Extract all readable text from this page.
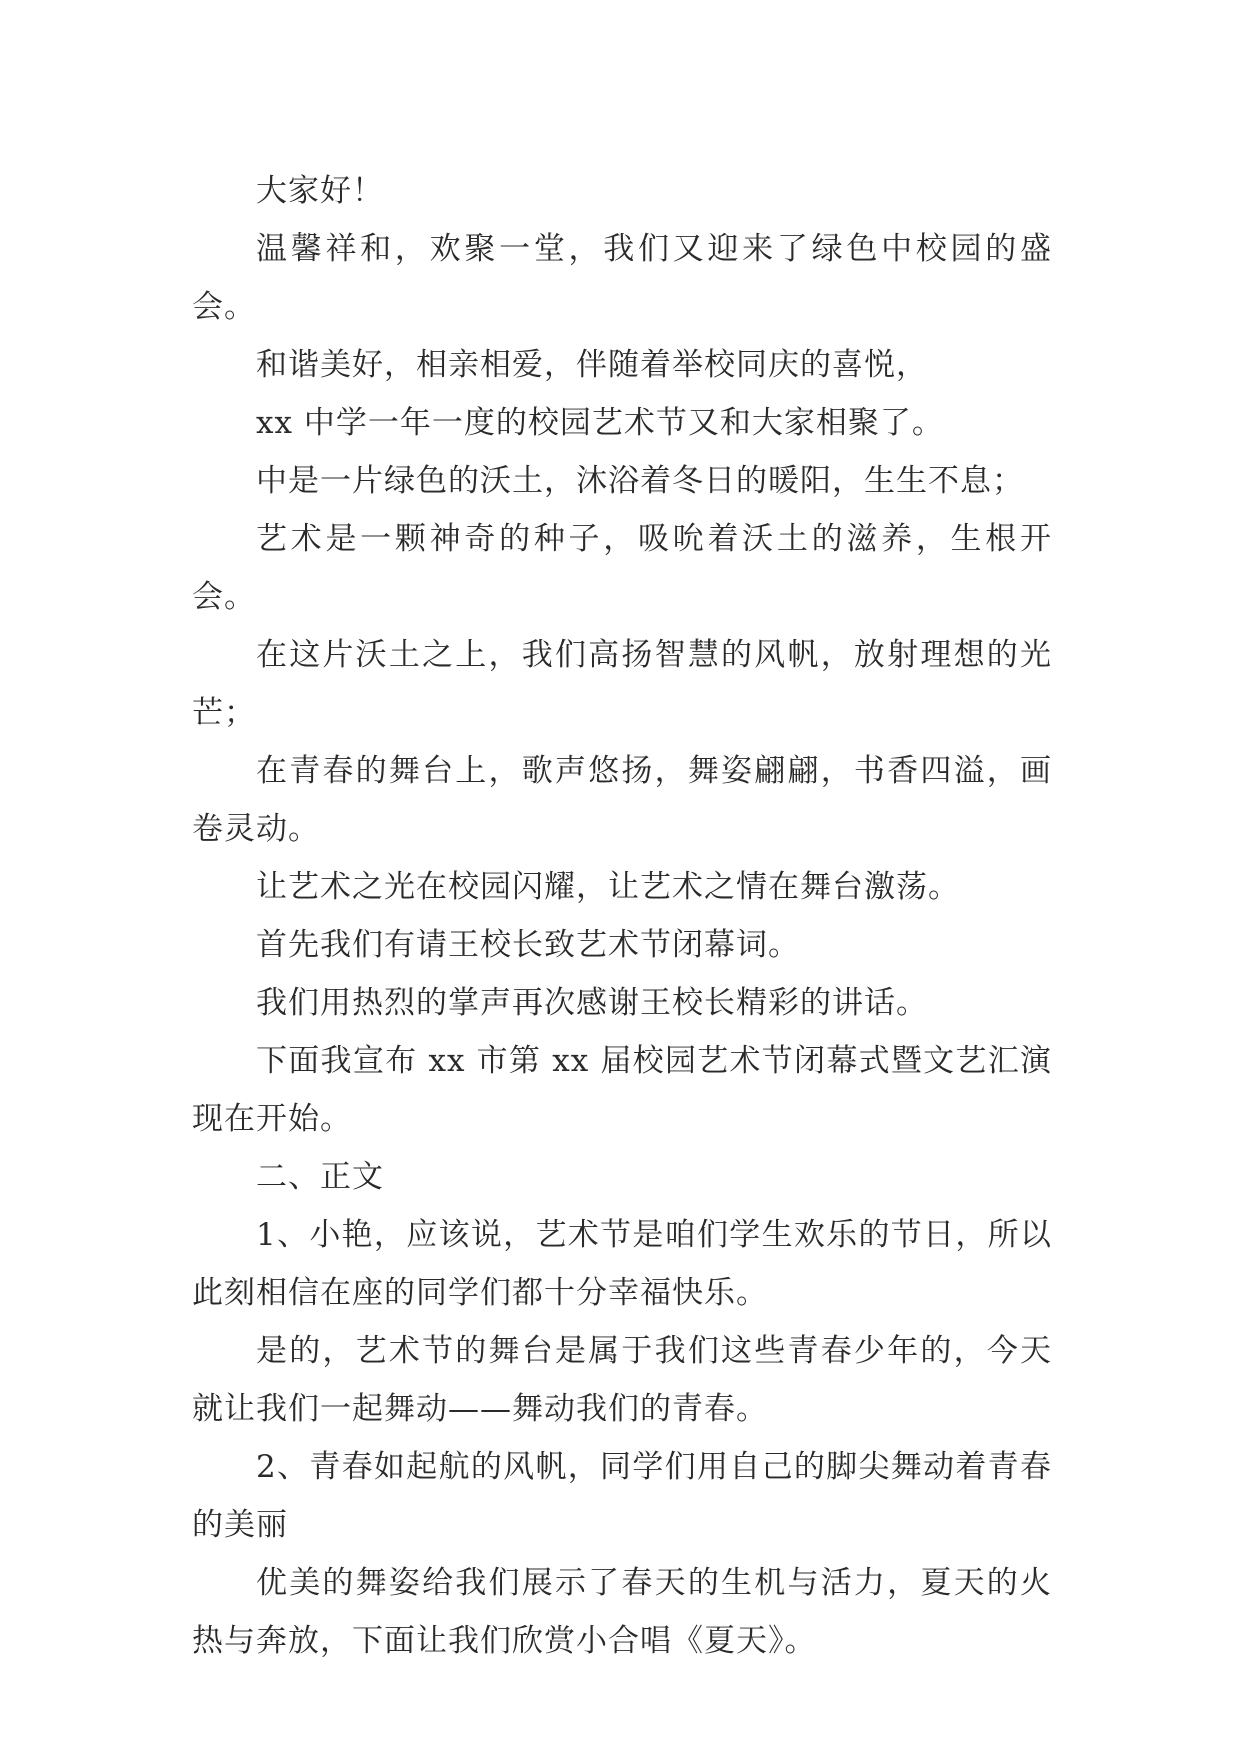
大家好！

温馨祥和，欢聚一堂，我们又迎来了绿色中校园的盛会。

和谐美好，相亲相爱，伴随着举校同庆的喜悦，

xx 中学一年一度的校园艺术节又和大家相聚了。

中是一片绿色的沃土，沐浴着冬日的暖阳，生生不息；

艺术是一颗神奇的种子，吸吮着沃土的滋养，生根开会。

在这片沃土之上，我们高扬智慧的风帆，放射理想的光芒；

在青春的舞台上，歌声悠扬，舞姿翩翩，书香四溢，画卷灵动。

让艺术之光在校园闪耀，让艺术之情在舞台激荡。

首先我们有请王校长致艺术节闭幕词。

我们用热烈的掌声再次感谢王校长精彩的讲话。

下面我宣布 xx 市第 xx 届校园艺术节闭幕式暨文艺汇演现在开始。

二、正文

1、小艳，应该说，艺术节是咱们学生欢乐的节日，所以此刻相信在座的同学们都十分幸福快乐。

是的，艺术节的舞台是属于我们这些青春少年的，今天就让我们一起舞动——舞动我们的青春。

2、青春如起航的风帆，同学们用自己的脚尖舞动着青春的美丽

优美的舞姿给我们展示了春天的生机与活力，夏天的火热与奔放，下面让我们欣赏小合唱《夏天》。
